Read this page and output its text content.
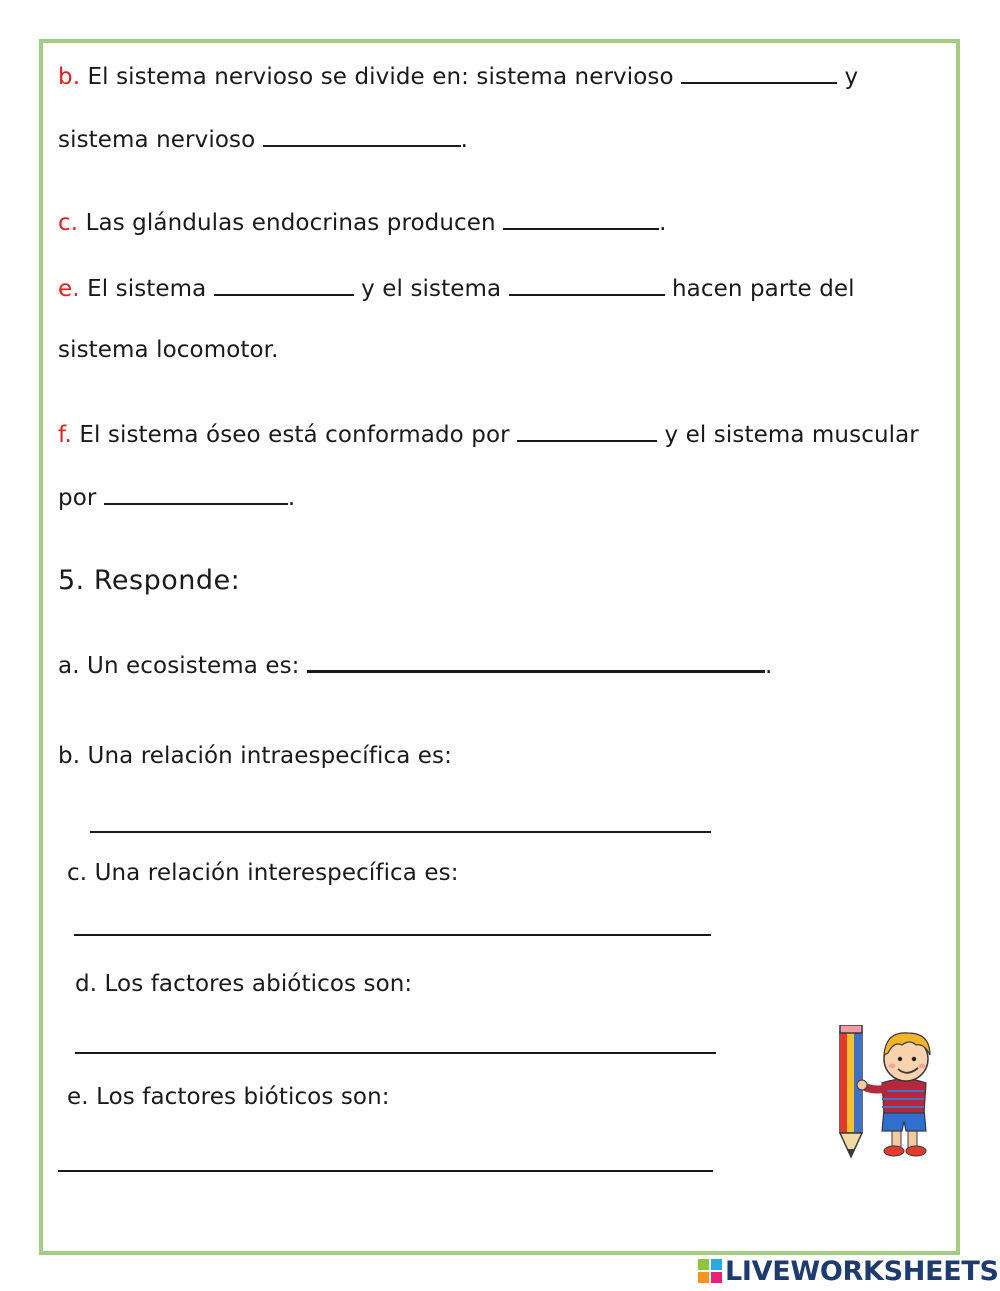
b. El sistema nervioso se divide en: sistema nervioso	y
sistema nervioso	.
c. Las glándulas endocrinas producen	.
e. El sistema	y el sistema	hacen parte del
sistema locomotor.
f. El sistema óseo está conformado por	y el sistema muscular
por	.
5. Responde:
a. Un ecosistema es:	.
b. Una relación intraespecífica es:
c. Una relación interespecífica es:
d. Los factores abióticos son:
e. Los factores bióticos son:
LIVEWORKSHEETS
